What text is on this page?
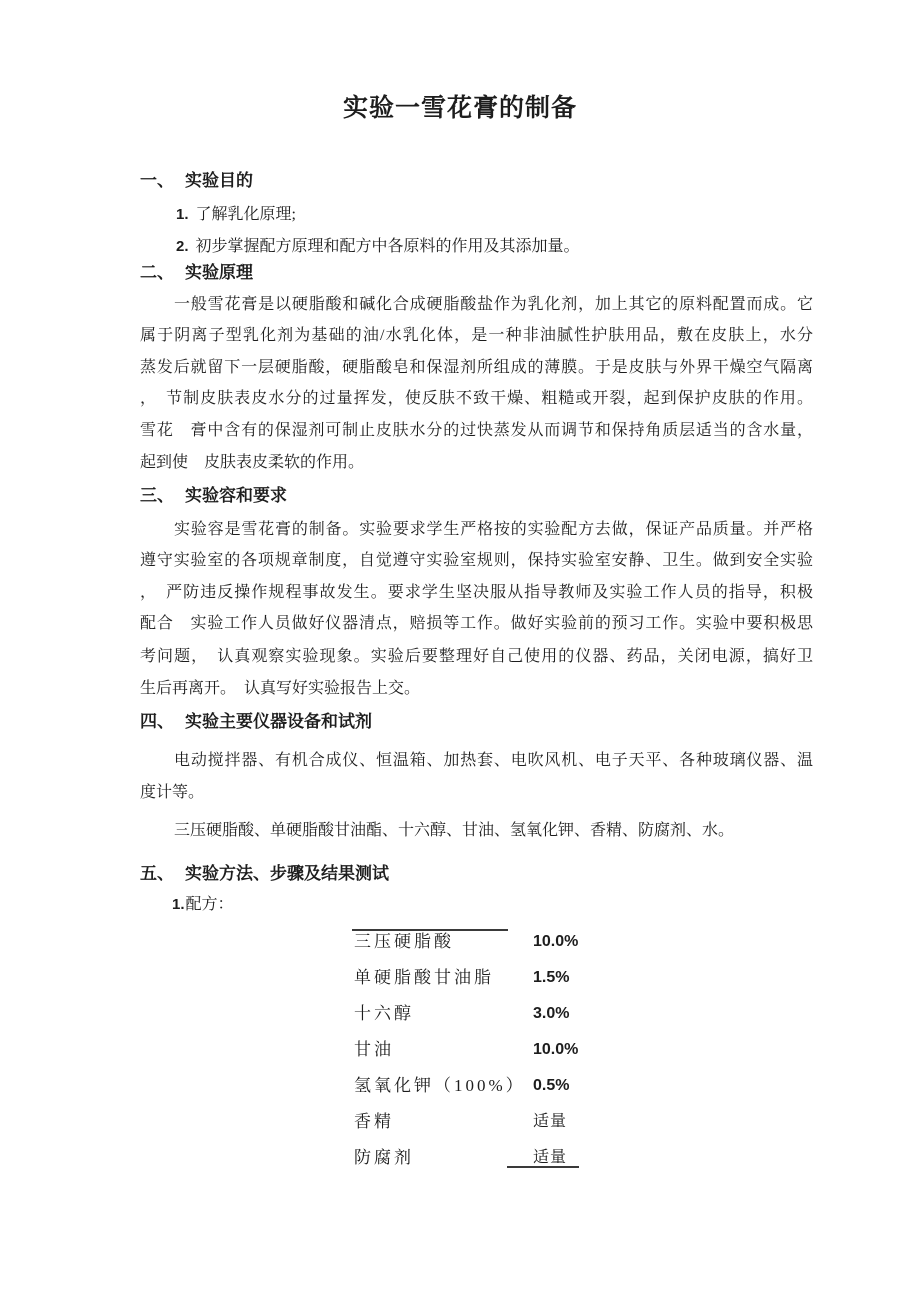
实验一雪花膏的制备
一、 实验目的
1. 了解乳化原理;
2. 初步掌握配方原理和配方中各原料的作用及其添加量。
二、 实验原理
一般雪花膏是以硬脂酸和碱化合成硬脂酸盐作为乳化剂，加上其它的原料配置而成。它
属于阴离子型乳化剂为基础的油/水乳化体，是一种非油腻性护肤用品，敷在皮肤上，水分
蒸发后就留下一层硬脂酸，硬脂酸皂和保湿剂所组成的薄膜。于是皮肤与外界干燥空气隔离
，　节制皮肤表皮水分的过量挥发，使反肤不致干燥、粗糙或开裂，起到保护皮肤的作用。
雪花　膏中含有的保湿剂可制止皮肤水分的过快蒸发从而调节和保持角质层适当的含水量，
起到使　皮肤表皮柔软的作用。
三、 实验容和要求
实验容是雪花膏的制备。实验要求学生严格按的实验配方去做，保证产品质量。并严格
遵守实验室的各项规章制度，自觉遵守实验室规则，保持实验室安静、卫生。做到安全实验
，　严防违反操作规程事故发生。要求学生坚决服从指导教师及实验工作人员的指导，积极
配合　实验工作人员做好仪器清点，赔损等工作。做好实验前的预习工作。实验中要积极思
考问题，　认真观察实验现象。实验后要整理好自己使用的仪器、药品，关闭电源，搞好卫
生后再离开。　认真写好实验报告上交。
四、 实验主要仪器设备和试剂
电动搅拌器、有机合成仪、恒温箱、加热套、电吹风机、电子天平、各种玻璃仪器、温
度计等。
三压硬脂酸、单硬脂酸甘油酯、十六醇、甘油、氢氧化钾、香精、防腐剂、水。
五、 实验方法、步骤及结果测试
1.配方：
三压硬脂酸	10.0%
单硬脂酸甘油脂 1.5%
十六醇	3.0%
甘油	10.0%
氢氧化钾（100%） 0.5%
香精	适量
防腐剂	适量
